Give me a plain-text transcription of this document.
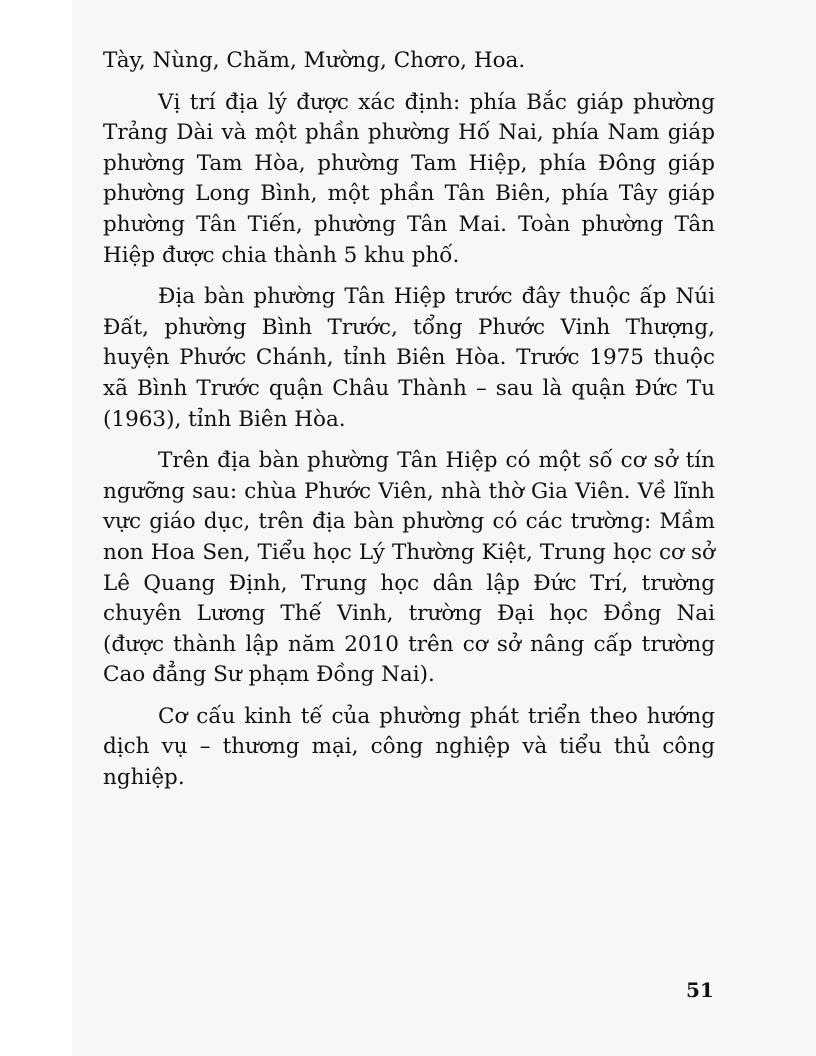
Tày, Nùng, Chăm, Mường, Chơro, Hoa.

Vị trí địa lý được xác định: phía Bắc giáp phường Trảng Dài và một phần phường Hố Nai, phía Nam giáp phường Tam Hòa, phường Tam Hiệp, phía Đông giáp phường Long Bình, một phần Tân Biên, phía Tây giáp phường Tân Tiến, phường Tân Mai. Toàn phường Tân Hiệp được chia thành 5 khu phố.

Địa bàn phường Tân Hiệp trước đây thuộc ấp Núi Đất, phường Bình Trước, tổng Phước Vinh Thượng, huyện Phước Chánh, tỉnh Biên Hòa. Trước 1975 thuộc xã Bình Trước quận Châu Thành – sau là quận Đức Tu (1963), tỉnh Biên Hòa.

Trên địa bàn phường Tân Hiệp có một số cơ sở tín ngưỡng sau: chùa Phước Viên, nhà thờ Gia Viên. Về lĩnh vực giáo dục, trên địa bàn phường có các trường: Mầm non Hoa Sen, Tiểu học Lý Thường Kiệt, Trung học cơ sở Lê Quang Định, Trung học dân lập Đức Trí, trường chuyên Lương Thế Vinh, trường Đại học Đồng Nai (được thành lập năm 2010 trên cơ sở nâng cấp trường Cao đẳng Sư phạm Đồng Nai).

Cơ cấu kinh tế của phường phát triển theo hướng dịch vụ – thương mại, công nghiệp và tiểu thủ công nghiệp.

51
